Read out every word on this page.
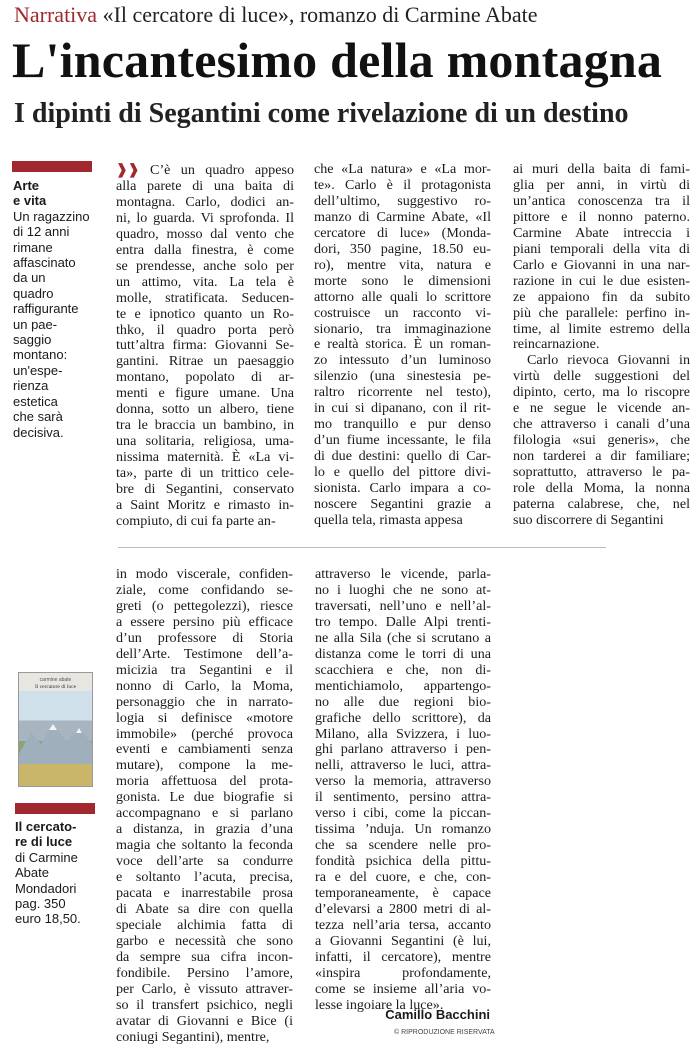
Narrativa «Il cercatore di luce», romanzo di Carmine Abate
L'incantesimo della montagna
I dipinti di Segantini come rivelazione di un destino
Arte
e vita
Un ragazzino
di 12 anni
rimane
affascinato
da un
quadro
raffigurante
un pae-
saggio
montano:
un'espe-
rienza
estetica
che sarà
decisiva.
❱❱ C’è un quadro appeso
alla parete di una baita di
montagna. Carlo, dodici an-
ni, lo guarda. Vi sprofonda. Il
quadro, mosso dal vento che
entra dalla finestra, è come
se prendesse, anche solo per
un attimo, vita. La tela è
molle, stratificata. Seducen-
te e ipnotico quanto un Ro-
thko, il quadro porta però
tutt’altra firma: Giovanni Se-
gantini. Ritrae un paesaggio
montano, popolato di ar-
menti e figure umane. Una
donna, sotto un albero, tiene
tra le braccia un bambino, in
una solitaria, religiosa, uma-
nissima maternità. È «La vi-
ta», parte di un trittico cele-
bre di Segantini, conservato
a Saint Moritz e rimasto in-
compiuto, di cui fa parte an-
che «La natura» e «La mor-
te». Carlo è il protagonista
dell’ultimo, suggestivo ro-
manzo di Carmine Abate, «Il
cercatore di luce» (Monda-
dori, 350 pagine, 18.50 eu-
ro), mentre vita, natura e
morte sono le dimensioni
attorno alle quali lo scrittore
costruisce un racconto vi-
sionario, tra immaginazione
e realtà storica. È un roman-
zo intessuto d’un luminoso
silenzio (una sinestesia pe-
raltro ricorrente nel testo),
in cui si dipanano, con il rit-
mo tranquillo e pur denso
d’un fiume incessante, le fila
di due destini: quello di Car-
lo e quello del pittore divi-
sionista. Carlo impara a co-
noscere Segantini grazie a
quella tela, rimasta appesa
ai muri della baita di fami-
glia per anni, in virtù di
un’antica conoscenza tra il
pittore e il nonno paterno.
Carmine Abate intreccia i
piani temporali della vita di
Carlo e Giovanni in una nar-
razione in cui le due esisten-
ze appaiono fin da subito
più che parallele: perfino in-
time, al limite estremo della
reincarnazione.
Carlo rievoca Giovanni in
virtù delle suggestioni del
dipinto, certo, ma lo riscopre
e ne segue le vicende an-
che attraverso i canali d’una
filologia «sui generis», che
non tarderei a dir familiare;
soprattutto, attraverso le pa-
role della Moma, la nonna
paterna calabrese, che, nel
suo discorrere di Segantini
carmine abate
Il cercatore di luce
Il cercato-
re di luce
di Carmine
Abate
Mondadori
pag. 350
euro 18,50.
in modo viscerale, confiden-
ziale, come confidando se-
greti (o pettegolezzi), riesce
a essere persino più efficace
d’un professore di Storia
dell’Arte. Testimone dell’a-
micizia tra Segantini e il
nonno di Carlo, la Moma,
personaggio che in narrato-
logia si definisce «motore
immobile» (perché provoca
eventi e cambiamenti senza
mutare), compone la me-
moria affettuosa del prota-
gonista. Le due biografie si
accompagnano e si parlano
a distanza, in grazia d’una
magia che soltanto la feconda
voce dell’arte sa condurre
e soltanto l’acuta, precisa,
pacata e inarrestabile prosa
di Abate sa dire con quella
speciale alchimia fatta di
garbo e necessità che sono
da sempre sua cifra incon-
fondibile. Persino l’amore,
per Carlo, è vissuto attraver-
so il transfert psichico, negli
avatar di Giovanni e Bice (i
coniugi Segantini), mentre,
attraverso le vicende, parla-
no i luoghi che ne sono at-
traversati, nell’uno e nell’al-
tro tempo. Dalle Alpi trenti-
ne alla Sila (che si scrutano a
distanza come le torri di una
scacchiera e che, non di-
mentichiamolo, appartengo-
no alle due regioni bio-
grafiche dello scrittore), da
Milano, alla Svizzera, i luo-
ghi parlano attraverso i pen-
nelli, attraverso le luci, attra-
verso la memoria, attraverso
il sentimento, persino attra-
verso i cibi, come la piccan-
tissima ’nduja. Un romanzo
che sa scendere nelle pro-
fondità psichica della pittu-
ra e del cuore, e che, con-
temporaneamente, è capace
d’elevarsi a 2800 metri di al-
tezza nell’aria tersa, accanto
a Giovanni Segantini (è lui,
infatti, il cercatore), mentre
«inspira profondamente,
come se insieme all’aria vo-
lesse ingoiare la luce».
Camillo Bacchini
© RIPRODUZIONE RISERVATA
